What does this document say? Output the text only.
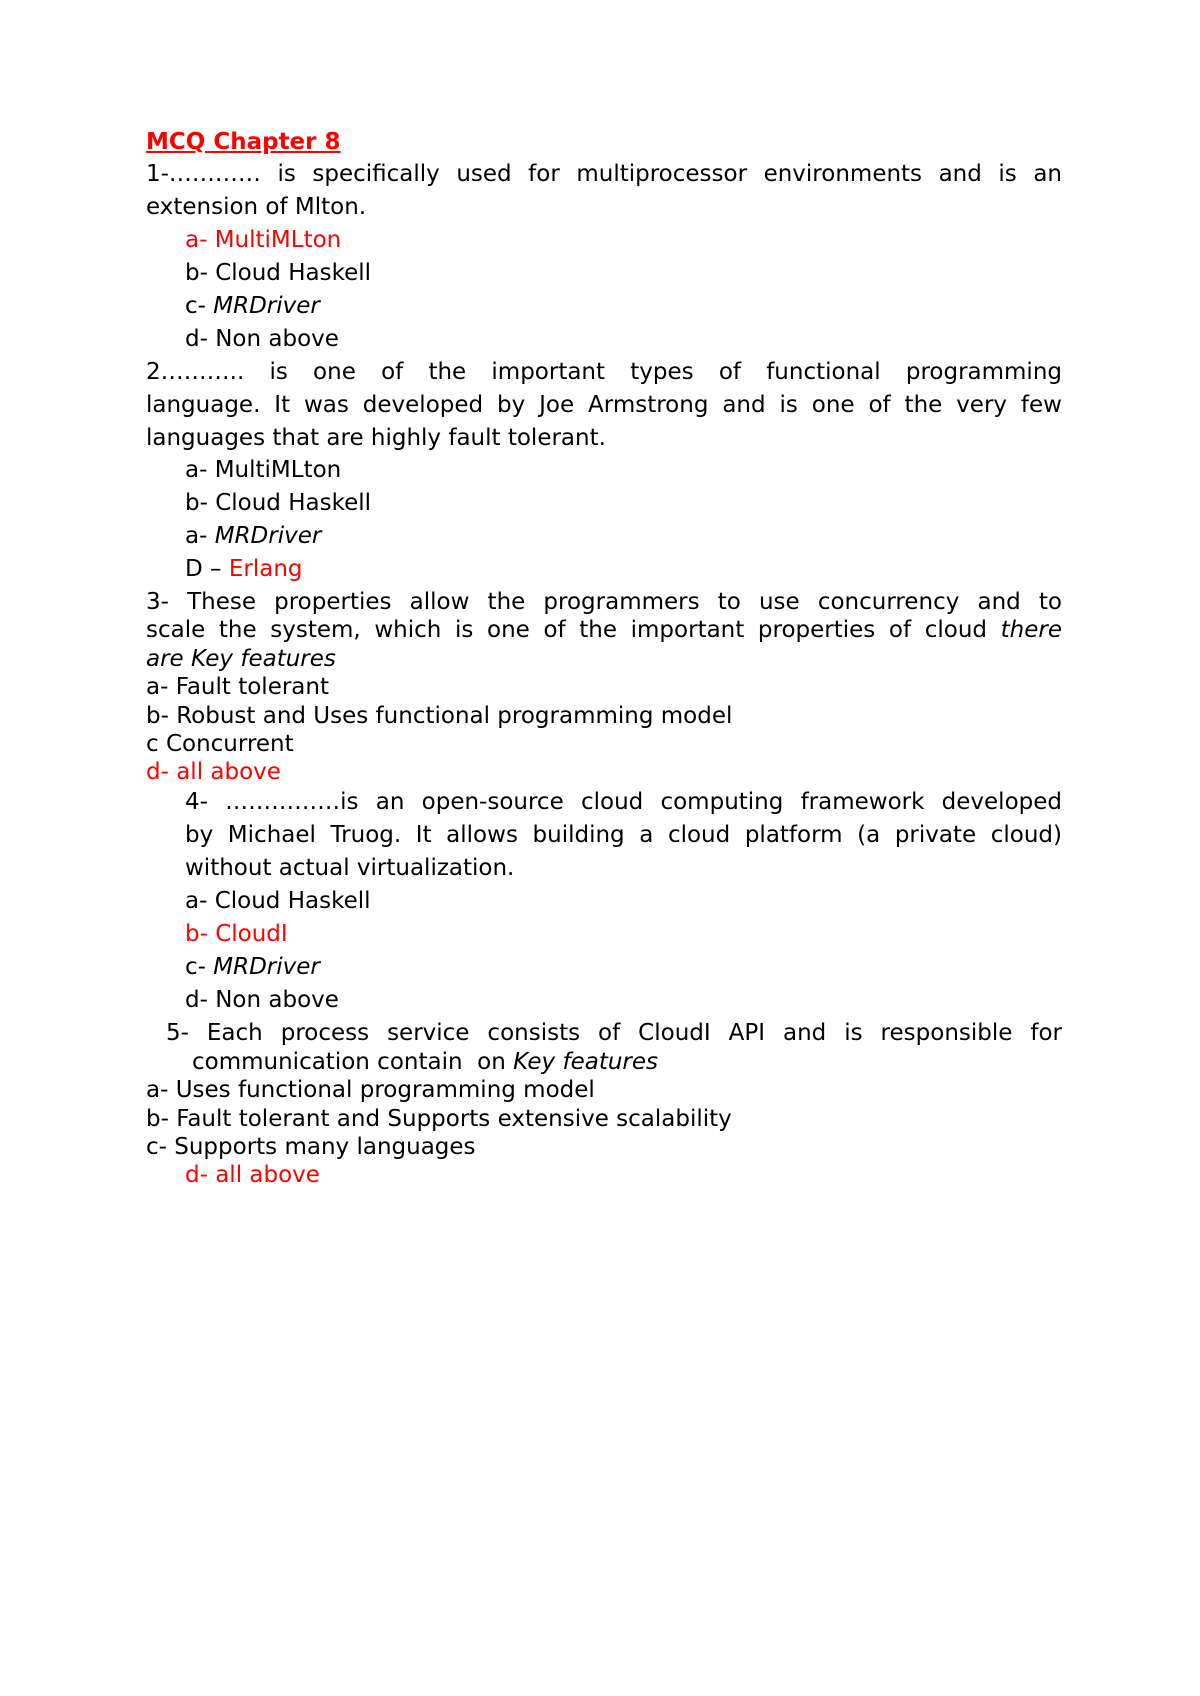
MCQ Chapter 8
1-………… is specifically used for multiprocessor environments and is an
extension of Mlton.
a- MultiMLton
b- Cloud Haskell
c- MRDriver
d- Non above
2……….. is one of the important types of functional programming
language. It was developed by Joe Armstrong and is one of the very few
languages that are highly fault tolerant.
a- MultiMLton
b- Cloud Haskell
a- MRDriver
D – Erlang
3- These properties allow the programmers to use concurrency and to
scale the system, which is one of the important properties of cloud there
are Key features
a- Fault tolerant
b- Robust and Uses functional programming model
c Concurrent
d- all above
4- ……………is an open-source cloud computing framework developed
by Michael Truog. It allows building a cloud platform (a private cloud)
without actual virtualization.
a- Cloud Haskell
b- CloudI
c- MRDriver
d- Non above
5- Each process service consists of CloudI API and is responsible for
communication contain  on Key features
a- Uses functional programming model
b- Fault tolerant and Supports extensive scalability
c- Supports many languages
d- all above
